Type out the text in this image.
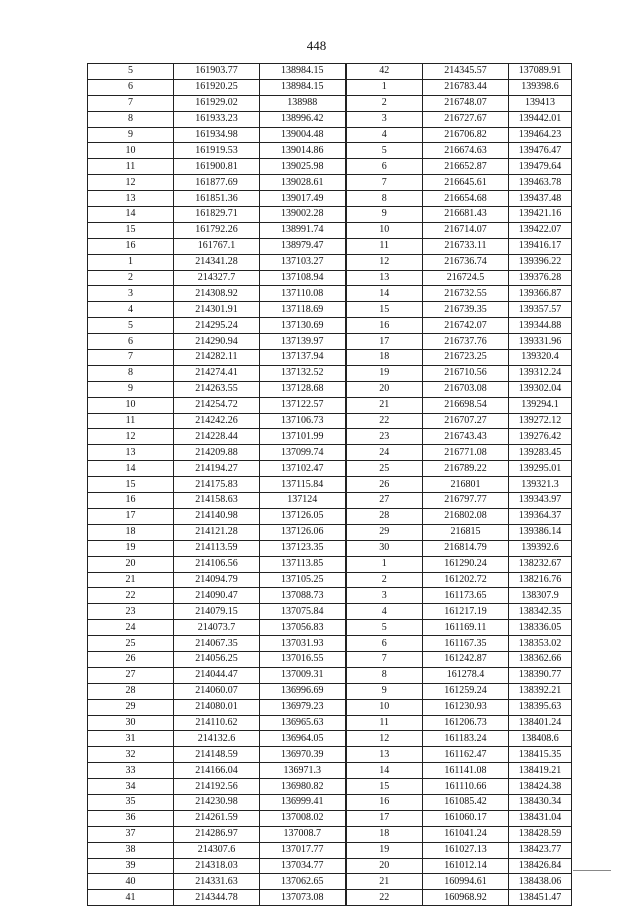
448
5	161903.77	138984.15	42	214345.57	137089.91
6	161920.25	138984.15	1	216783.44	139398.6
7	161929.02	138988	2	216748.07	139413
8	161933.23	138996.42	3	216727.67	139442.01
9	161934.98	139004.48	4	216706.82	139464.23
10	161919.53	139014.86	5	216674.63	139476.47
11	161900.81	139025.98	6	216652.87	139479.64
12	161877.69	139028.61	7	216645.61	139463.78
13	161851.36	139017.49	8	216654.68	139437.48
14	161829.71	139002.28	9	216681.43	139421.16
15	161792.26	138991.74	10	216714.07	139422.07
16	161767.1	138979.47	11	216733.11	139416.17
1	214341.28	137103.27	12	216736.74	139396.22
2	214327.7	137108.94	13	216724.5	139376.28
3	214308.92	137110.08	14	216732.55	139366.87
4	214301.91	137118.69	15	216739.35	139357.57
5	214295.24	137130.69	16	216742.07	139344.88
6	214290.94	137139.97	17	216737.76	139331.96
7	214282.11	137137.94	18	216723.25	139320.4
8	214274.41	137132.52	19	216710.56	139312.24
9	214263.55	137128.68	20	216703.08	139302.04
10	214254.72	137122.57	21	216698.54	139294.1
11	214242.26	137106.73	22	216707.27	139272.12
12	214228.44	137101.99	23	216743.43	139276.42
13	214209.88	137099.74	24	216771.08	139283.45
14	214194.27	137102.47	25	216789.22	139295.01
15	214175.83	137115.84	26	216801	139321.3
16	214158.63	137124	27	216797.77	139343.97
17	214140.98	137126.05	28	216802.08	139364.37
18	214121.28	137126.06	29	216815	139386.14
19	214113.59	137123.35	30	216814.79	139392.6
20	214106.56	137113.85	1	161290.24	138232.67
21	214094.79	137105.25	2	161202.72	138216.76
22	214090.47	137088.73	3	161173.65	138307.9
23	214079.15	137075.84	4	161217.19	138342.35
24	214073.7	137056.83	5	161169.11	138336.05
25	214067.35	137031.93	6	161167.35	138353.02
26	214056.25	137016.55	7	161242.87	138362.66
27	214044.47	137009.31	8	161278.4	138390.77
28	214060.07	136996.69	9	161259.24	138392.21
29	214080.01	136979.23	10	161230.93	138395.63
30	214110.62	136965.63	11	161206.73	138401.24
31	214132.6	136964.05	12	161183.24	138408.6
32	214148.59	136970.39	13	161162.47	138415.35
33	214166.04	136971.3	14	161141.08	138419.21
34	214192.56	136980.82	15	161110.66	138424.38
35	214230.98	136999.41	16	161085.42	138430.34
36	214261.59	137008.02	17	161060.17	138431.04
37	214286.97	137008.7	18	161041.24	138428.59
38	214307.6	137017.77	19	161027.13	138423.77
39	214318.03	137034.77	20	161012.14	138426.84
40	214331.63	137062.65	21	160994.61	138438.06
41	214344.78	137073.08	22	160968.92	138451.47
